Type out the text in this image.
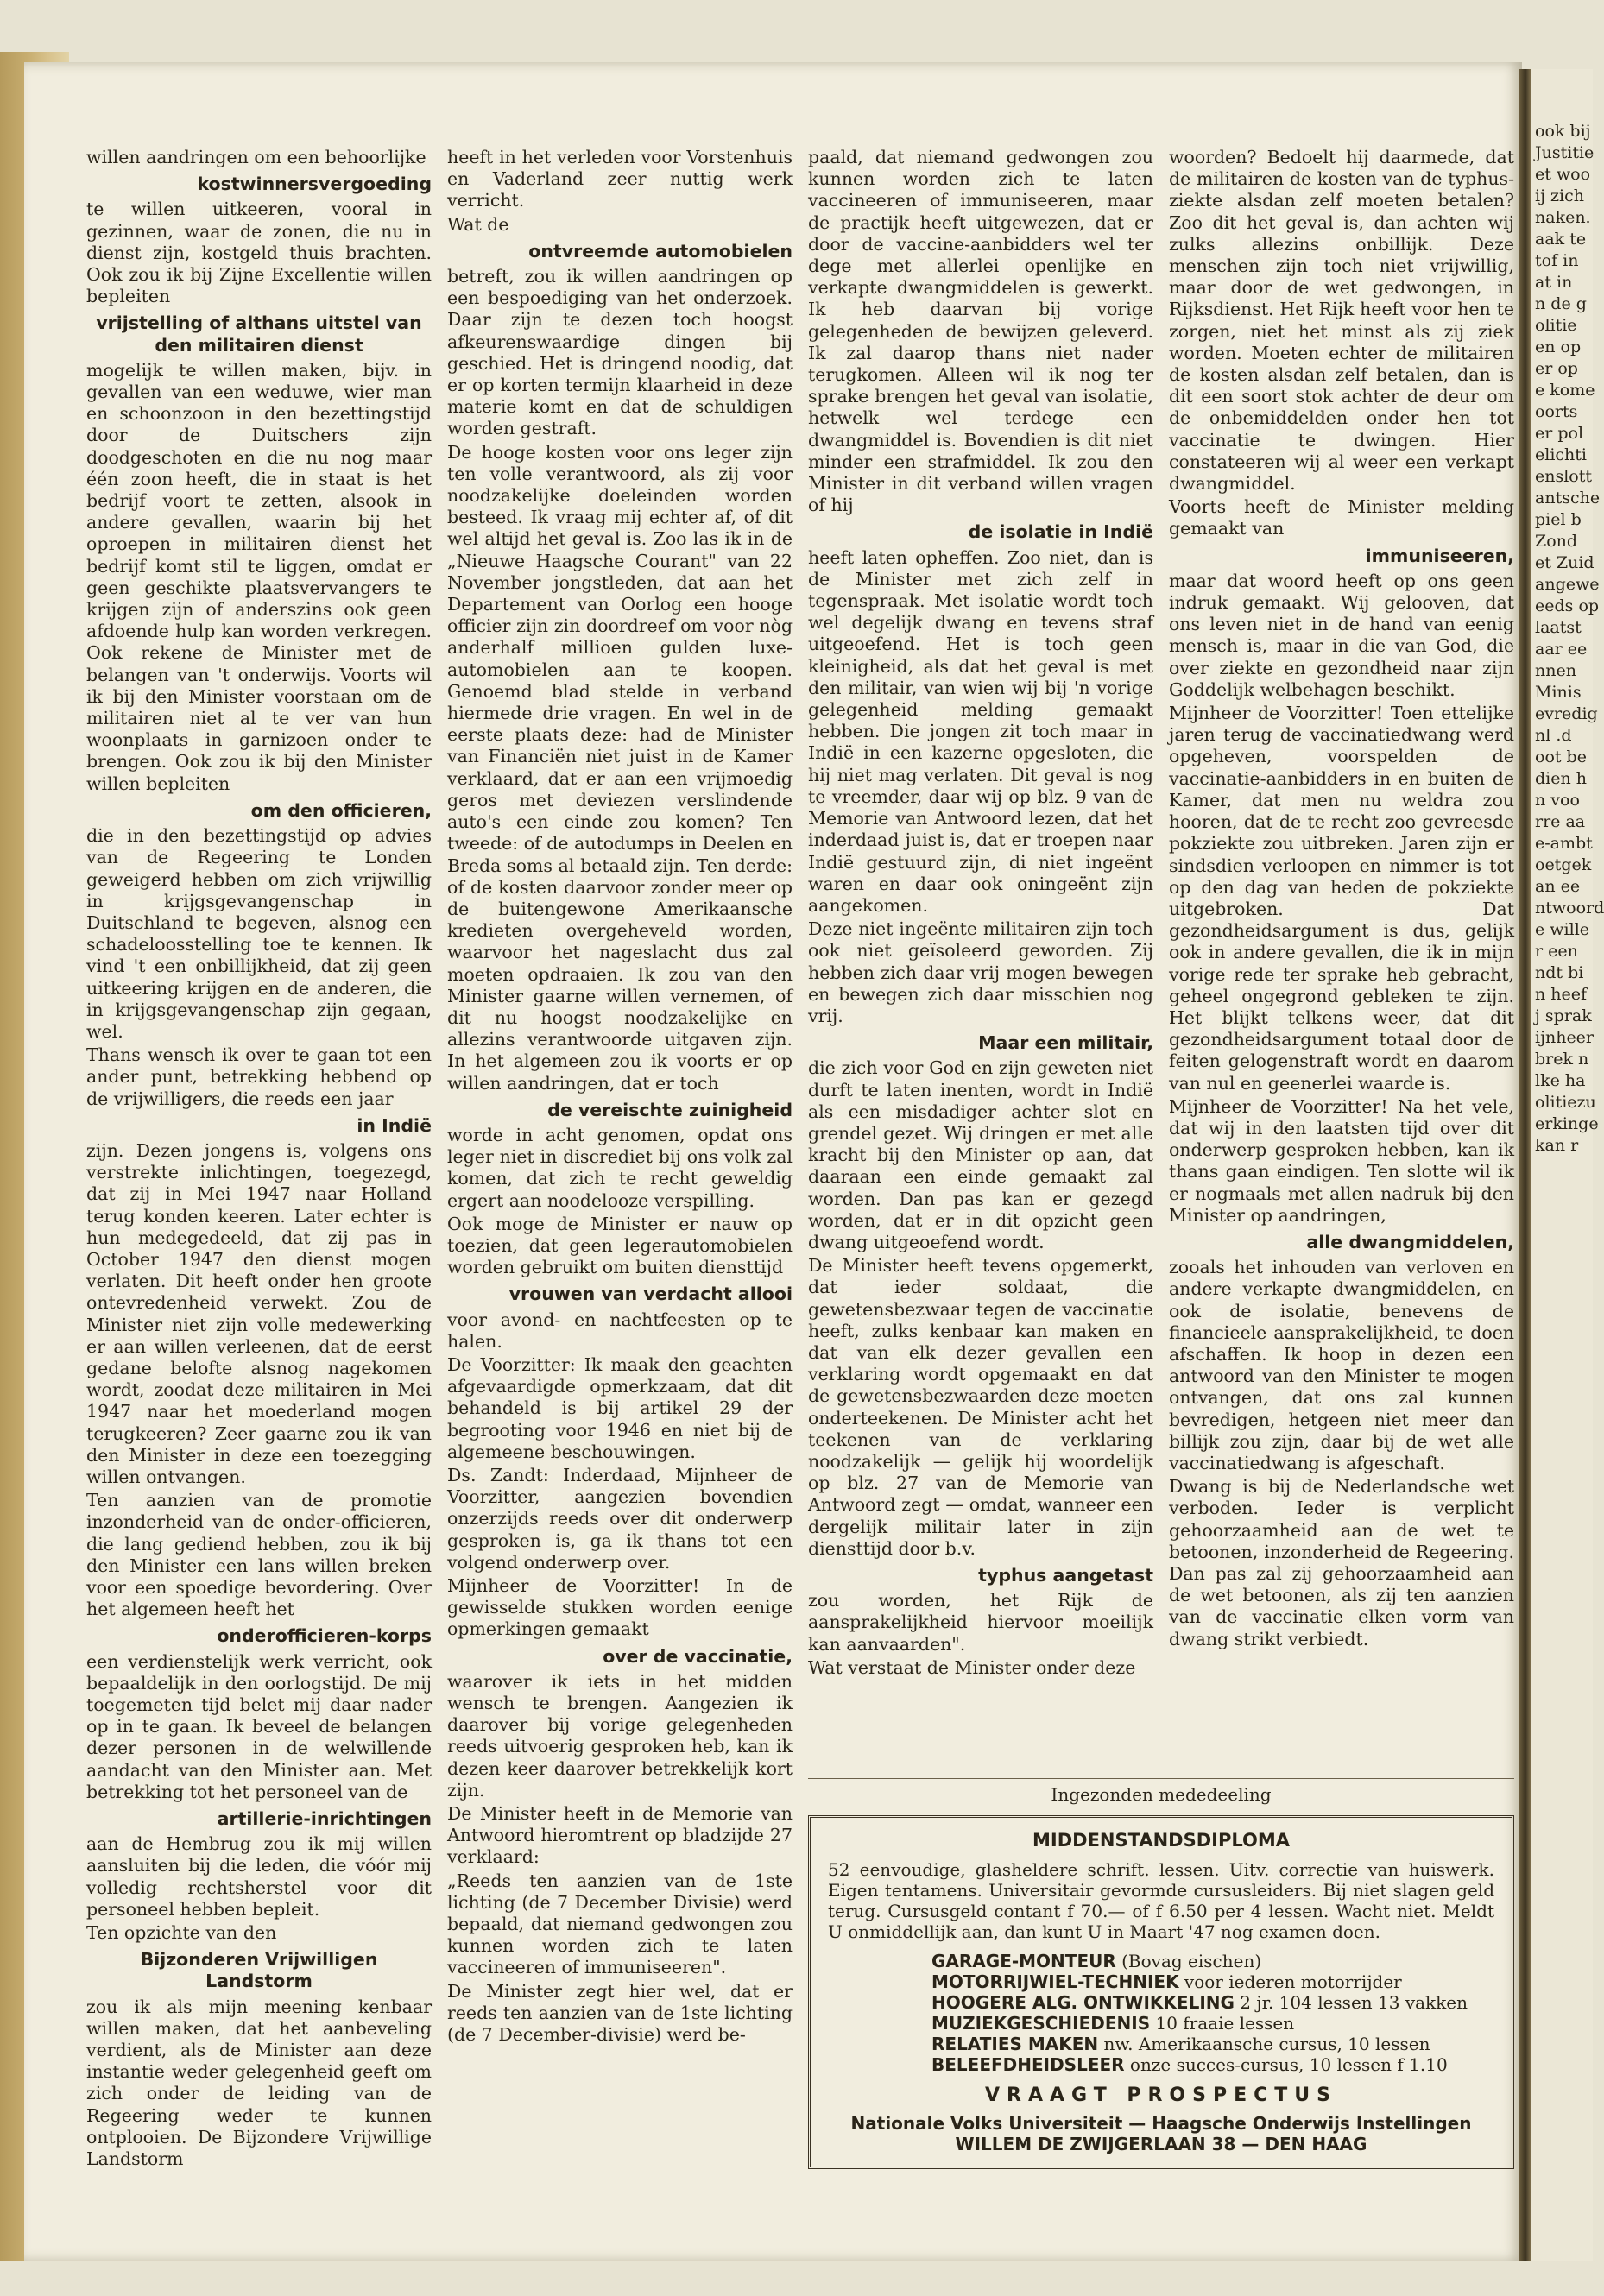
ook bij
Justitie
et woo
ij zich
naken.
aak te
tof in
at in
n de g
olitie
en op
er op
e kome
oorts
er pol
elichti
enslott
antsche
piel b
Zond
et Zuid
angewe
eeds op
laatst
aar ee
nnen
Minis
evredig
nl .d
oot be
dien h
n voo
rre aa
e-ambt
oetgek
an ee
ntwoord
e wille
r een
ndt bi
n heef
j sprak
ijnheer
brek n
lke ha
olitiezu
erkinge
kan r

willen aandringen om een behoorlijke

kostwinnersvergoeding

te willen uitkeeren, vooral in gezinnen, waar de zonen, die nu in dienst zijn, kostgeld thuis brachten. Ook zou ik bij Zijne Excellentie willen bepleiten

vrijstelling of althans uitstel van den militairen dienst

mogelijk te willen maken, bijv. in gevallen van een weduwe, wier man en schoonzoon in den bezettingstijd door de Duitschers zijn doodgeschoten en die nu nog maar één zoon heeft, die in staat is het bedrijf voort te zetten, alsook in andere gevallen, waarin bij het oproepen in militairen dienst het bedrijf komt stil te liggen, omdat er geen geschikte plaatsvervangers te krijgen zijn of anderszins ook geen afdoende hulp kan worden verkregen. Ook rekene de Minister met de belangen van 't onderwijs. Voorts wil ik bij den Minister voorstaan om de militairen niet al te ver van hun woonplaats in garnizoen onder te brengen. Ook zou ik bij den Minister willen bepleiten

om den officieren,

die in den bezettingstijd op advies van de Regeering te Londen geweigerd hebben om zich vrijwillig in krijgsgevangenschap in Duitschland te begeven, alsnog een schadeloosstelling toe te kennen. Ik vind 't een onbillijkheid, dat zij geen uitkeering krijgen en de anderen, die in krijgsgevangenschap zijn gegaan, wel.

Thans wensch ik over te gaan tot een ander punt, betrekking hebbend op de vrijwilligers, die reeds een jaar

in Indië

zijn. Dezen jongens is, volgens ons verstrekte inlichtingen, toegezegd, dat zij in Mei 1947 naar Holland terug konden keeren. Later echter is hun medegedeeld, dat zij pas in October 1947 den dienst mogen verlaten. Dit heeft onder hen groote ontevredenheid verwekt. Zou de Minister niet zijn volle medewerking er aan willen verleenen, dat de eerst gedane belofte alsnog nagekomen wordt, zoodat deze militairen in Mei 1947 naar het moederland mogen terugkeeren? Zeer gaarne zou ik van den Minister in deze een toezegging willen ontvangen.

Ten aanzien van de promotie inzonderheid van de onder-officieren, die lang gediend hebben, zou ik bij den Minister een lans willen breken voor een spoedige bevordering. Over het algemeen heeft het

onderofficieren-korps

een verdienstelijk werk verricht, ook bepaaldelijk in den oorlogstijd. De mij toegemeten tijd belet mij daar nader op in te gaan. Ik beveel de belangen dezer personen in de welwillende aandacht van den Minister aan. Met betrekking tot het personeel van de

artillerie-inrichtingen

aan de Hembrug zou ik mij willen aansluiten bij die leden, die vóór mij volledig rechtsherstel voor dit personeel hebben bepleit.

Ten opzichte van den

Bijzonderen Vrijwilligen Landstorm

zou ik als mijn meening kenbaar willen maken, dat het aanbeveling verdient, als de Minister aan deze instantie weder gelegenheid geeft om zich onder de leiding van de Regeering weder te kunnen ontplooien. De Bijzondere Vrijwillige Landstorm

heeft in het verleden voor Vorstenhuis en Vaderland zeer nuttig werk verricht.

Wat de

ontvreemde automobielen

betreft, zou ik willen aandringen op een bespoediging van het onderzoek. Daar zijn te dezen toch hoogst afkeurenswaardige dingen bij geschied. Het is dringend noodig, dat er op korten termijn klaarheid in deze materie komt en dat de schuldigen worden gestraft.

De hooge kosten voor ons leger zijn ten volle verantwoord, als zij voor noodzakelijke doeleinden worden besteed. Ik vraag mij echter af, of dit wel altijd het geval is. Zoo las ik in de „Nieuwe Haagsche Courant" van 22 November jongstleden, dat aan het Departement van Oorlog een hooge officier zijn zin doordreef om voor nòg anderhalf millioen gulden luxe-automobielen aan te koopen. Genoemd blad stelde in verband hiermede drie vragen. En wel in de eerste plaats deze: had de Minister van Financiën niet juist in de Kamer verklaard, dat er aan een vrijmoedig geros met deviezen verslindende auto's een einde zou komen? Ten tweede: of de autodumps in Deelen en Breda soms al betaald zijn. Ten derde: of de kosten daarvoor zonder meer op de buitengewone Amerikaansche kredieten overgeheveld worden, waarvoor het nageslacht dus zal moeten opdraaien. Ik zou van den Minister gaarne willen vernemen, of dit nu hoogst noodzakelijke en allezins verantwoorde uitgaven zijn. In het algemeen zou ik voorts er op willen aandringen, dat er toch

de vereischte zuinigheid

worde in acht genomen, opdat ons leger niet in discrediet bij ons volk zal komen, dat zich te recht geweldig ergert aan noodelooze verspilling.

Ook moge de Minister er nauw op toezien, dat geen legerautomobielen worden gebruikt om buiten diensttijd

vrouwen van verdacht allooi

voor avond- en nachtfeesten op te halen.

De Voorzitter: Ik maak den geachten afgevaardigde opmerkzaam, dat dit behandeld is bij artikel 29 der begrooting voor 1946 en niet bij de algemeene beschouwingen.

Ds. Zandt: Inderdaad, Mijnheer de Voorzitter, aangezien bovendien onzerzijds reeds over dit onderwerp gesproken is, ga ik thans tot een volgend onderwerp over.

Mijnheer de Voorzitter! In de gewisselde stukken worden eenige opmerkingen gemaakt

over de vaccinatie,

waarover ik iets in het midden wensch te brengen. Aangezien ik daarover bij vorige gelegenheden reeds uitvoerig gesproken heb, kan ik dezen keer daarover betrekkelijk kort zijn.

De Minister heeft in de Memorie van Antwoord hieromtrent op bladzijde 27 verklaard:

„Reeds ten aanzien van de 1ste lichting (de 7 December Divisie) werd bepaald, dat niemand gedwongen zou kunnen worden zich te laten vaccineeren of immuniseeren".

De Minister zegt hier wel, dat er reeds ten aanzien van de 1ste lichting (de 7 December-divisie) werd be-

paald, dat niemand gedwongen zou kunnen worden zich te laten vaccineeren of immuniseeren, maar de practijk heeft uitgewezen, dat er door de vaccine-aanbidders wel ter dege met allerlei openlijke en verkapte dwangmiddelen is gewerkt. Ik heb daarvan bij vorige gelegenheden de bewijzen geleverd. Ik zal daarop thans niet nader terugkomen. Alleen wil ik nog ter sprake brengen het geval van isolatie, hetwelk wel terdege een dwangmiddel is. Bovendien is dit niet minder een strafmiddel. Ik zou den Minister in dit verband willen vragen of hij

de isolatie in Indië

heeft laten opheffen. Zoo niet, dan is de Minister met zich zelf in tegenspraak. Met isolatie wordt toch wel degelijk dwang en tevens straf uitgeoefend. Het is toch geen kleinigheid, als dat het geval is met den militair, van wien wij bij 'n vorige gelegenheid melding gemaakt hebben. Die jongen zit toch maar in Indië in een kazerne opgesloten, die hij niet mag verlaten. Dit geval is nog te vreemder, daar wij op blz. 9 van de Memorie van Antwoord lezen, dat het inderdaad juist is, dat er troepen naar Indië gestuurd zijn, di niet ingeënt waren en daar ook oningeënt zijn aangekomen.

Deze niet ingeënte militairen zijn toch ook niet geïsoleerd geworden. Zij hebben zich daar vrij mogen bewegen en bewegen zich daar misschien nog vrij.

Maar een militair,

die zich voor God en zijn geweten niet durft te laten inenten, wordt in Indië als een misdadiger achter slot en grendel gezet. Wij dringen er met alle kracht bij den Minister op aan, dat daaraan een einde gemaakt zal worden. Dan pas kan er gezegd worden, dat er in dit opzicht geen dwang uitgeoefend wordt.

De Minister heeft tevens opgemerkt, dat ieder soldaat, die gewetensbezwaar tegen de vaccinatie heeft, zulks kenbaar kan maken en dat van elk dezer gevallen een verklaring wordt opgemaakt en dat de gewetensbezwaarden deze moeten onderteekenen. De Minister acht het teekenen van de verklaring noodzakelijk — gelijk hij woordelijk op blz. 27 van de Memorie van Antwoord zegt — omdat, wanneer een dergelijk militair later in zijn diensttijd door b.v.

typhus aangetast

zou worden, het Rijk de aansprakelijkheid hiervoor moeilijk kan aanvaarden".

Wat verstaat de Minister onder deze

woorden? Bedoelt hij daarmede, dat de militairen de kosten van de typhus-ziekte alsdan zelf moeten betalen? Zoo dit het geval is, dan achten wij zulks allezins onbillijk. Deze menschen zijn toch niet vrijwillig, maar door de wet gedwongen, in Rijksdienst. Het Rijk heeft voor hen te zorgen, niet het minst als zij ziek worden. Moeten echter de militairen de kosten alsdan zelf betalen, dan is dit een soort stok achter de deur om de onbemiddelden onder hen tot vaccinatie te dwingen. Hier constateeren wij al weer een verkapt dwangmiddel.

Voorts heeft de Minister melding gemaakt van

immuniseeren,

maar dat woord heeft op ons geen indruk gemaakt. Wij gelooven, dat ons leven niet in de hand van eenig mensch is, maar in die van God, die over ziekte en gezondheid naar zijn Goddelijk welbehagen beschikt.

Mijnheer de Voorzitter! Toen ettelijke jaren terug de vaccinatiedwang werd opgeheven, voorspelden de vaccinatie-aanbidders in en buiten de Kamer, dat men nu weldra zou hooren, dat de te recht zoo gevreesde pokziekte zou uitbreken. Jaren zijn er sindsdien verloopen en nimmer is tot op den dag van heden de pokziekte uitgebroken. Dat gezondheidsargument is dus, gelijk ook in andere gevallen, die ik in mijn vorige rede ter sprake heb gebracht, geheel ongegrond gebleken te zijn. Het blijkt telkens weer, dat dit gezondheidsargument totaal door de feiten gelogenstraft wordt en daarom van nul en geenerlei waarde is.

Mijnheer de Voorzitter! Na het vele, dat wij in den laatsten tijd over dit onderwerp gesproken hebben, kan ik thans gaan eindigen. Ten slotte wil ik er nogmaals met allen nadruk bij den Minister op aandringen,

alle dwangmiddelen,

zooals het inhouden van verloven en andere verkapte dwangmiddelen, en ook de isolatie, benevens de financieele aansprakelijkheid, te doen afschaffen. Ik hoop in dezen een antwoord van den Minister te mogen ontvangen, dat ons zal kunnen bevredigen, hetgeen niet meer dan billijk zou zijn, daar bij de wet alle vaccinatiedwang is afgeschaft.

Dwang is bij de Nederlandsche wet verboden. Ieder is verplicht gehoorzaamheid aan de wet te betoonen, inzonderheid de Regeering. Dan pas zal zij gehoorzaamheid aan de wet betoonen, als zij ten aanzien van de vaccinatie elken vorm van dwang strikt verbiedt.

Ingezonden mededeeling
MIDDENSTANDSDIPLOMA
52 eenvoudige, glasheldere schrift. lessen. Uitv. correctie van huiswerk. Eigen tentamens. Universitair gevormde cursusleiders. Bij niet slagen geld terug. Cursusgeld contant f 70.— of f 6.50 per 4 lessen. Wacht niet. Meldt U onmiddellijk aan, dan kunt U in Maart '47 nog examen doen.
GARAGE-MONTEUR (Bovag eischen)
MOTORRIJWIEL-TECHNIEK voor iederen motorrijder
HOOGERE ALG. ONTWIKKELING 2 jr. 104 lessen 13 vakken
MUZIEKGESCHIEDENIS 10 fraaie lessen
RELATIES MAKEN nw. Amerikaansche cursus, 10 lessen
BELEEFDHEIDSLEER onze succes-cursus, 10 lessen f 1.10
VRAAGT PROSPECTUS
Nationale Volks Universiteit — Haagsche Onderwijs Instellingen
WILLEM DE ZWIJGERLAAN 38 — DEN HAAG
